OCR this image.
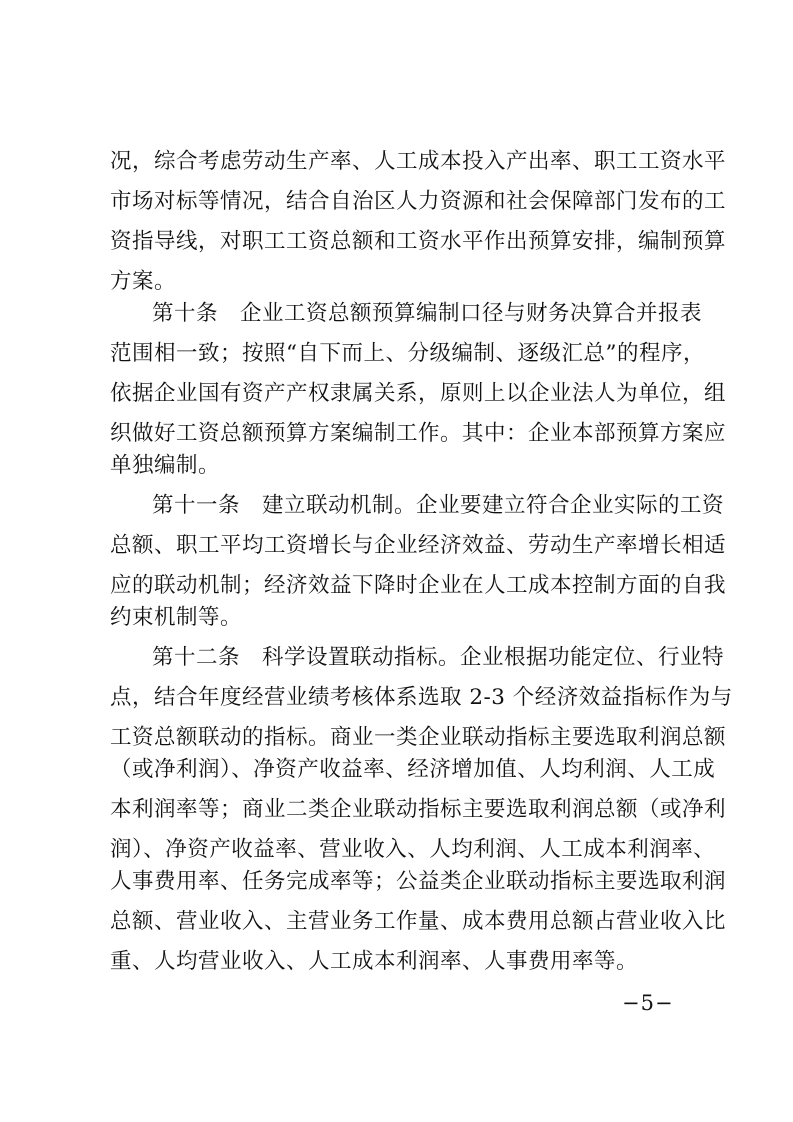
况，综合考虑劳动生产率、人工成本投入产出率、职工工资水平
市场对标等情况，结合自治区人力资源和社会保障部门发布的工
资指导线，对职工工资总额和工资水平作出预算安排，编制预算
方案。
第十条　企业工资总额预算编制口径与财务决算合并报表
范围相一致；按照“自下而上、分级编制、逐级汇总”的程序，
依据企业国有资产产权隶属关系，原则上以企业法人为单位，组
织做好工资总额预算方案编制工作。其中：企业本部预算方案应
单独编制。
第十一条　建立联动机制。企业要建立符合企业实际的工资
总额、职工平均工资增长与企业经济效益、劳动生产率增长相适
应的联动机制；经济效益下降时企业在人工成本控制方面的自我
约束机制等。
第十二条　科学设置联动指标。企业根据功能定位、行业特
点，结合年度经营业绩考核体系选取 2-3 个经济效益指标作为与
工资总额联动的指标。商业一类企业联动指标主要选取利润总额
（或净利润）、净资产收益率、经济增加值、人均利润、人工成
本利润率等；商业二类企业联动指标主要选取利润总额（或净利
润）、净资产收益率、营业收入、人均利润、人工成本利润率、
人事费用率、任务完成率等；公益类企业联动指标主要选取利润
总额、营业收入、主营业务工作量、成本费用总额占营业收入比
重、人均营业收入、人工成本利润率、人事费用率等。
−5−
